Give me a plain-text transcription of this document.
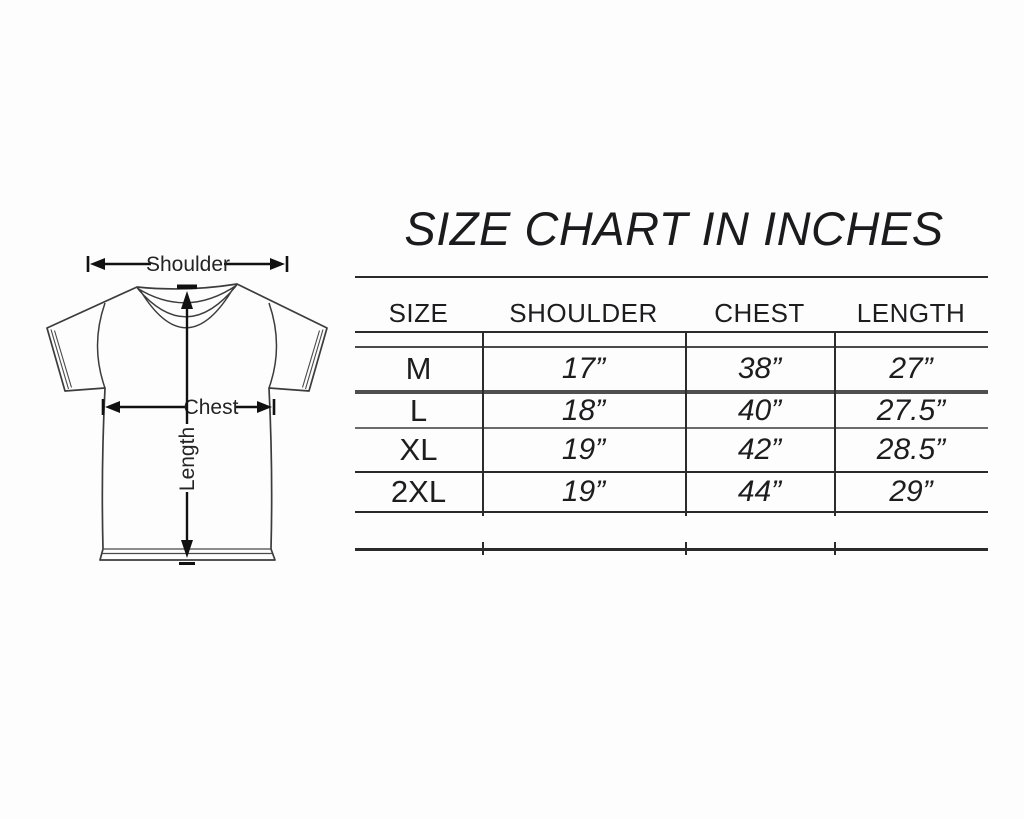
SIZE CHART IN INCHES
Shoulder
Chest
Length
SIZE	SHOULDER	CHEST	LENGTH
M	17”	38”	27”
L	18”	40”	27.5”
XL	19”	42”	28.5”
2XL	19”	44”	29”
